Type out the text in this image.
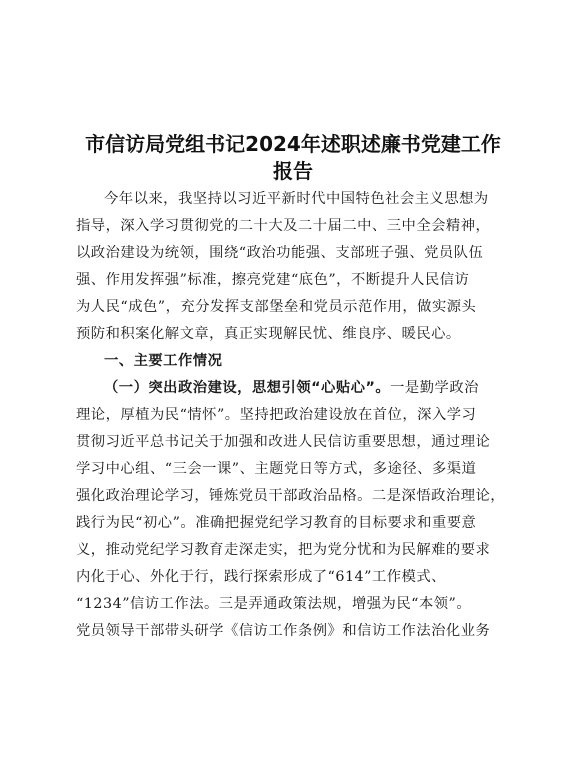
市信访局党组书记2024年述职述廉书党建工作
报告
今年以来，我坚持以习近平新时代中国特色社会主义思想为
指导，深入学习贯彻党的二十大及二十届二中、三中全会精神，
以政治建设为统领，围绕“政治功能强、支部班子强、党员队伍
强、作用发挥强”标准，擦亮党建“底色”，不断提升人民信访
为人民“成色”，充分发挥支部堡垒和党员示范作用，做实源头
预防和积案化解文章，真正实现解民忧、维良序、暖民心。
一、主要工作情况
（一）突出政治建设，思想引领“心贴心”。一是勤学政治
理论，厚植为民“情怀”。坚持把政治建设放在首位，深入学习
贯彻习近平总书记关于加强和改进人民信访重要思想，通过理论
学习中心组、“三会一课”、主题党日等方式，多途径、多渠道
强化政治理论学习，锤炼党员干部政治品格。二是深悟政治理论，
践行为民“初心”。准确把握党纪学习教育的目标要求和重要意
义，推动党纪学习教育走深走实，把为党分忧和为民解难的要求
内化于心、外化于行，践行探索形成了“614”工作模式、
“1234”信访工作法。三是弄通政策法规，增强为民“本领”。
党员领导干部带头研学《信访工作条例》和信访工作法治化业务
